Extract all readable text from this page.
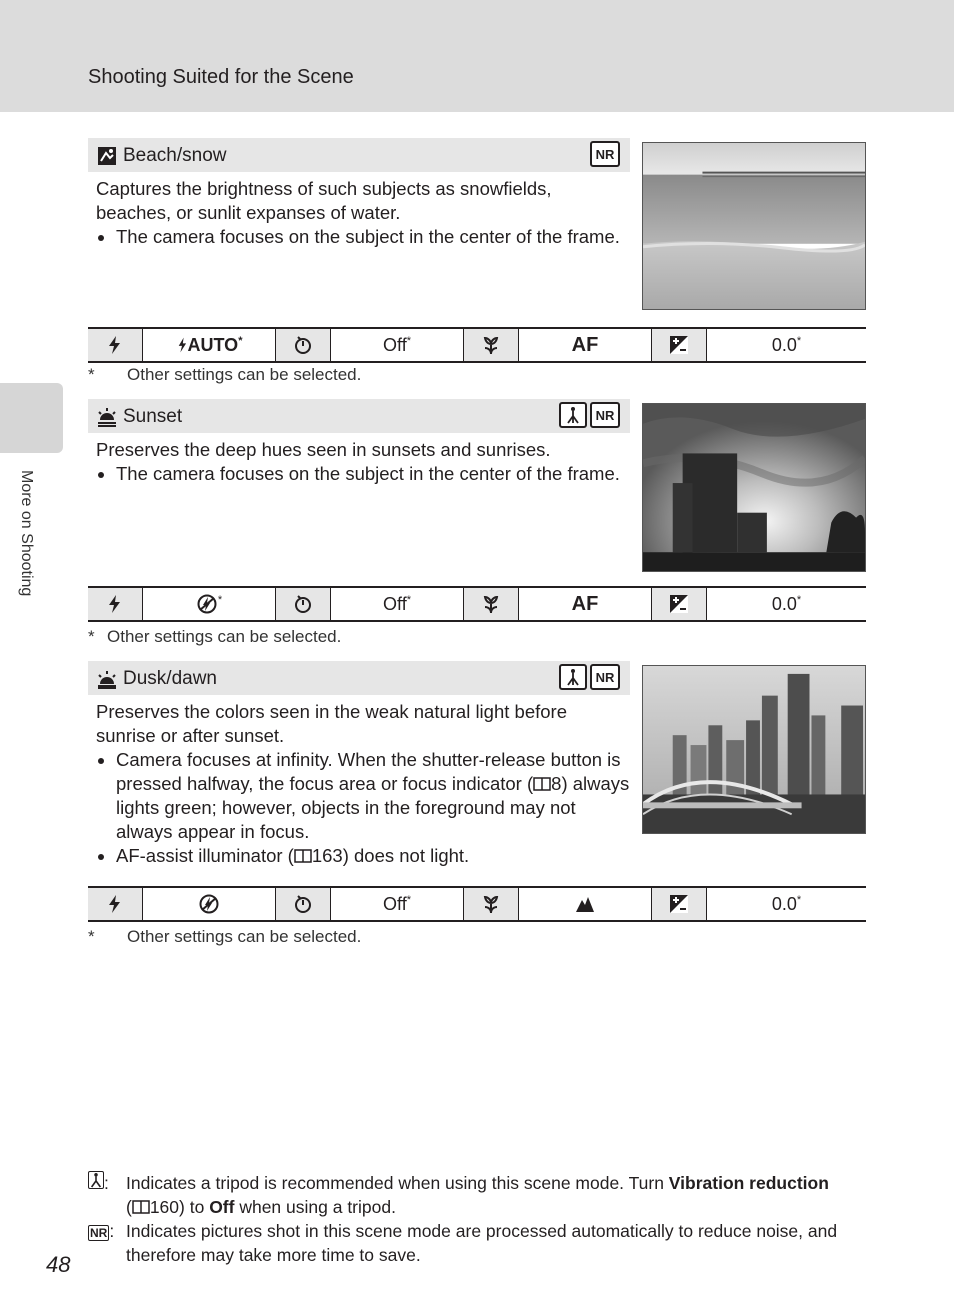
Shooting Suited for the Scene
More on Shooting
Beach/snow	NR

Captures the brightness of such subjects as snowfields, beaches, or sunlit expanses of water.

• The camera focuses on the subject in the center of the frame.
AUTO*	Off*	AF	0.0*
* Other settings can be selected.
Sunset	NR

Preserves the deep hues seen in sunsets and sunrises.

• The camera focuses on the subject in the center of the frame.
*	Off*	AF	0.0*
* Other settings can be selected.
Dusk/dawn	NR

Preserves the colors seen in the weak natural light before sunrise or after sunset.

• Camera focuses at infinity. When the shutter-release button is pressed halfway, the focus area or focus indicator ( 8) always lights green; however, objects in the foreground may not always appear in focus.
• AF-assist illuminator ( 163) does not light.
Off*	0.0*
* Other settings can be selected.
: Indicates a tripod is recommended when using this scene mode. Turn Vibration reduction
( 160) to Off when using a tripod.
NR : Indicates pictures shot in this scene mode are processed automatically to reduce noise, and therefore may take more time to save.
48
